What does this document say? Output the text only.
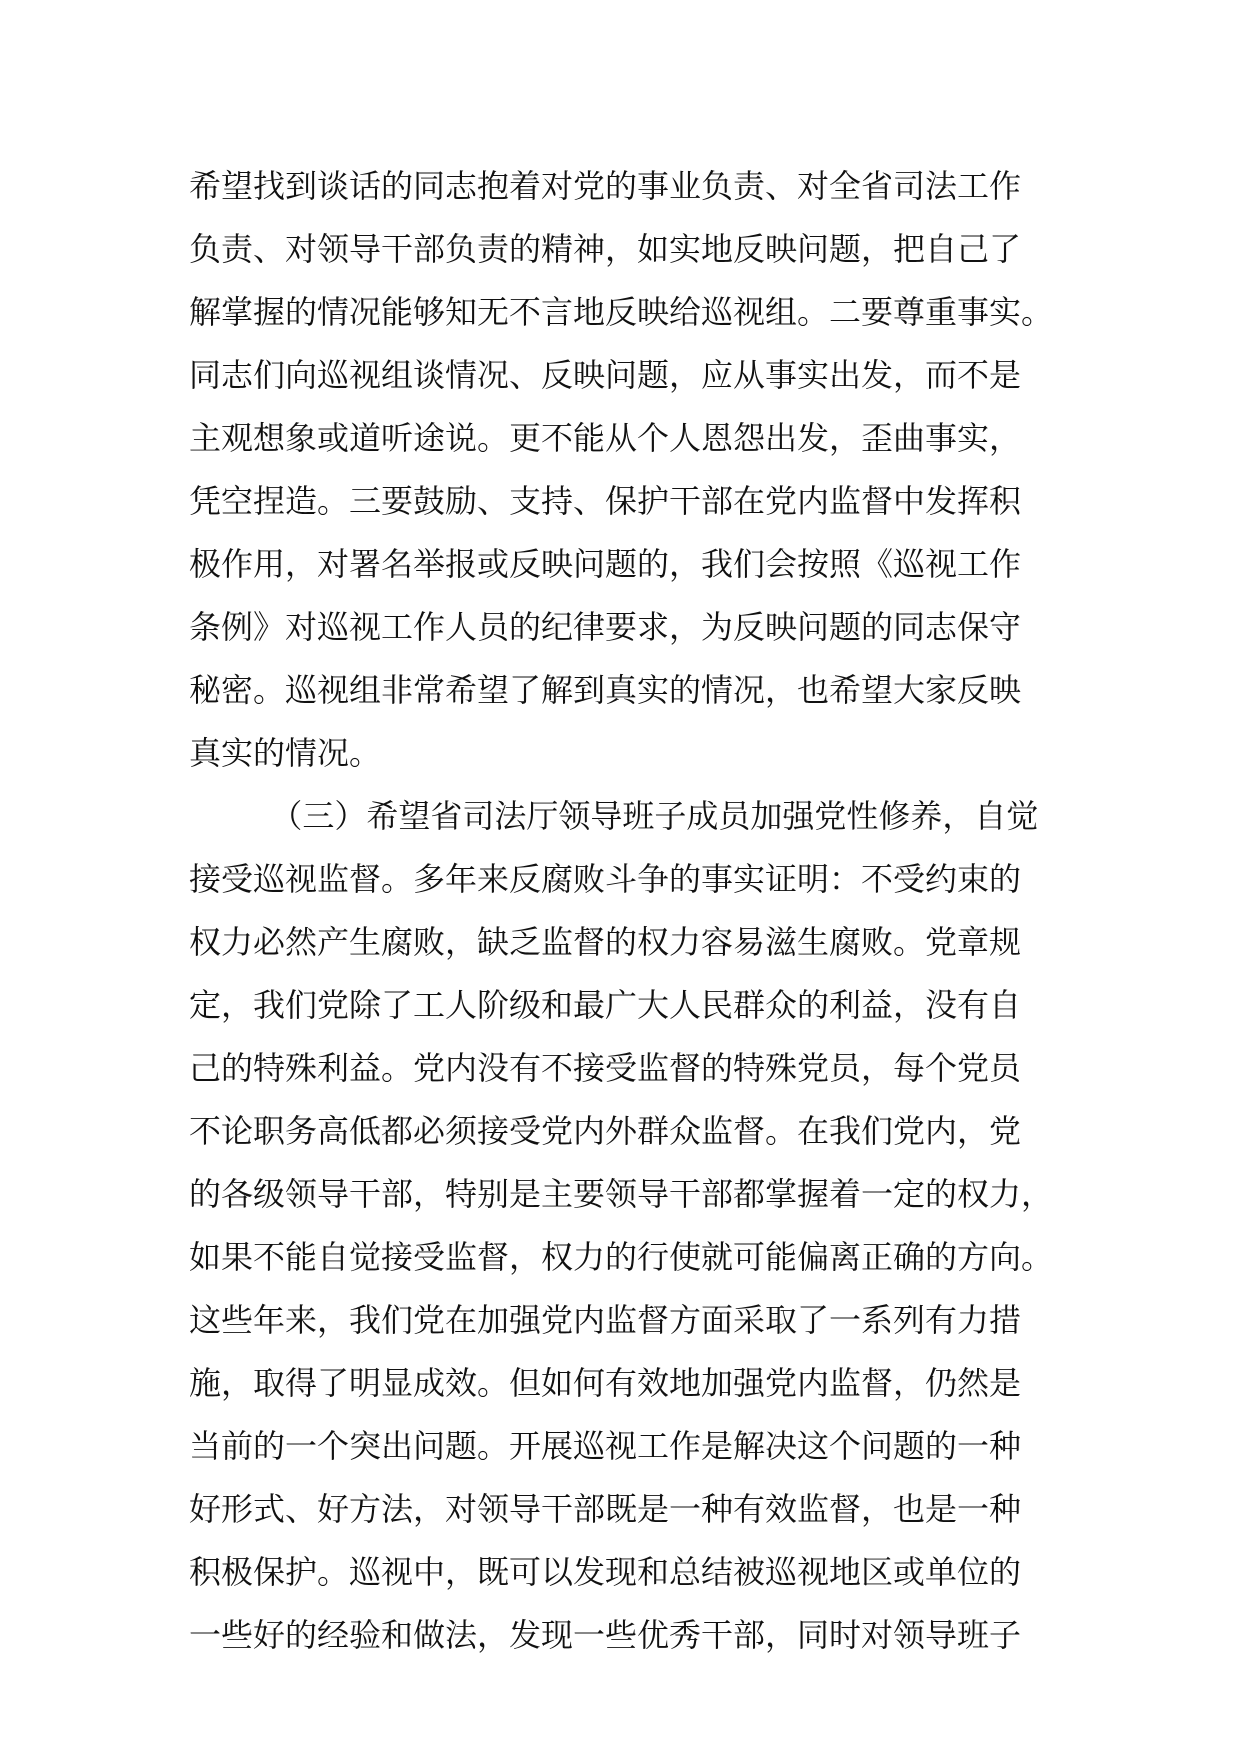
希望找到谈话的同志抱着对党的事业负责、对全省司法工作
负责、对领导干部负责的精神，如实地反映问题，把自己了
解掌握的情况能够知无不言地反映给巡视组。二要尊重事实。
同志们向巡视组谈情况、反映问题，应从事实出发，而不是
主观想象或道听途说。更不能从个人恩怨出发，歪曲事实，
凭空捏造。三要鼓励、支持、保护干部在党内监督中发挥积
极作用，对署名举报或反映问题的，我们会按照《巡视工作
条例》对巡视工作人员的纪律要求，为反映问题的同志保守
秘密。巡视组非常希望了解到真实的情况，也希望大家反映
真实的情况。
（三）希望省司法厅领导班子成员加强党性修养，自觉
接受巡视监督。多年来反腐败斗争的事实证明：不受约束的
权力必然产生腐败，缺乏监督的权力容易滋生腐败。党章规
定，我们党除了工人阶级和最广大人民群众的利益，没有自
己的特殊利益。党内没有不接受监督的特殊党员，每个党员
不论职务高低都必须接受党内外群众监督。在我们党内，党
的各级领导干部，特别是主要领导干部都掌握着一定的权力，
如果不能自觉接受监督，权力的行使就可能偏离正确的方向。
这些年来，我们党在加强党内监督方面采取了一系列有力措
施，取得了明显成效。但如何有效地加强党内监督，仍然是
当前的一个突出问题。开展巡视工作是解决这个问题的一种
好形式、好方法，对领导干部既是一种有效监督，也是一种
积极保护。巡视中，既可以发现和总结被巡视地区或单位的
一些好的经验和做法，发现一些优秀干部，同时对领导班子
